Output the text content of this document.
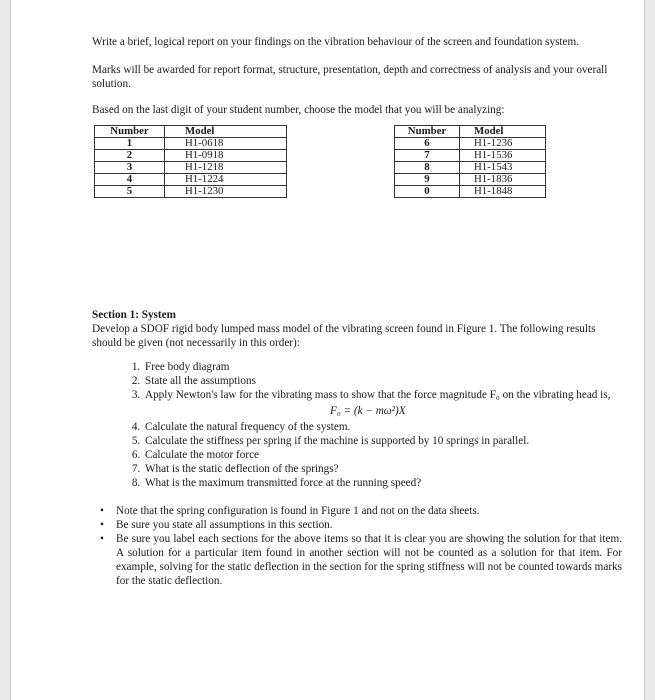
Write a brief, logical report on your findings on the vibration behaviour of the screen and foundation system.

Marks will be awarded for report format, structure, presentation, depth and correctness of analysis and your overall solution.

Based on the last digit of your student number, choose the model that you will be analyzing:

Number	Model		Number	Model
1	H1-0618		6	H1-1236
2	H1-0918		7	H1-1536
3	H1-1218		8	H1-1543
4	H1-1224		9	H1-1836
5	H1-1230		0	H1-1848

Section 1: System

Develop a SDOF rigid body lumped mass model of the vibrating screen found in Figure 1. The following results should be given (not necessarily in this order):

1. Free body diagram
2. State all the assumptions
3. Apply Newton's law for the vibrating mass to show that the force magnitude F₀ on the vibrating head is,
F₀ = (k − mω²)X
4. Calculate the natural frequency of the system.
5. Calculate the stiffness per spring if the machine is supported by 10 springs in parallel.
6. Calculate the motor force
7. What is the static deflection of the springs?
8. What is the maximum transmitted force at the running speed?
• Note that the spring configuration is found in Figure 1 and not on the data sheets.
• Be sure you state all assumptions in this section.
• Be sure you label each sections for the above items so that it is clear you are showing the solution for that item. A solution for a particular item found in another section will not be counted as a solution for that item. For example, solving for the static deflection in the section for the spring stiffness will not be counted towards marks for the static deflection.
